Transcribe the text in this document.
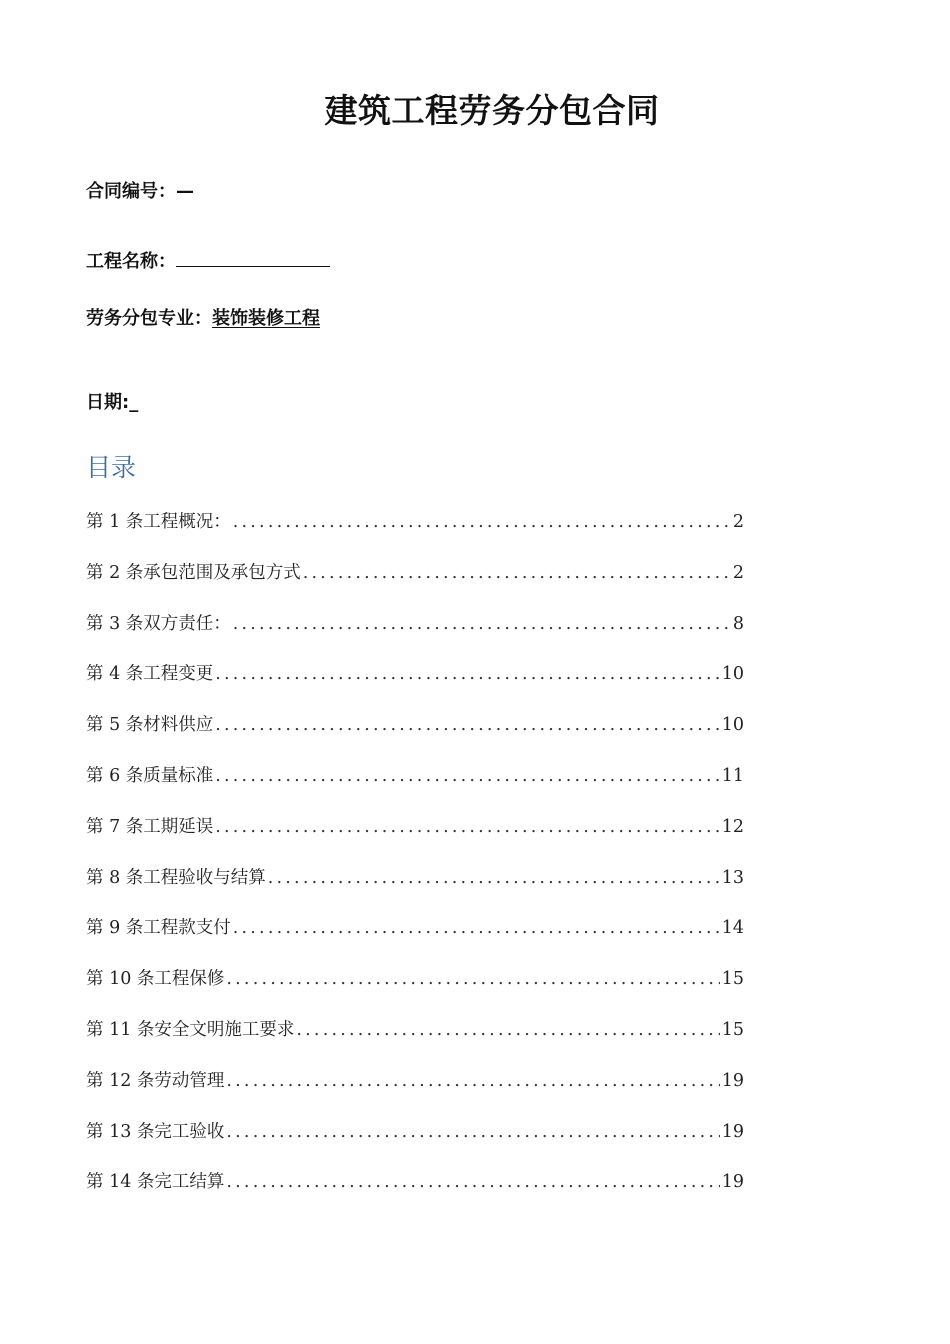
建筑工程劳务分包合同
合同编号：—
工程名称：
劳务分包专业：装饰装修工程
日期:_
目录
第 1 条工程概况： .....	2
第 2 条承包范围及承包方式 .....	2
第 3 条双方责任： .....	8
第 4 条工程变更 .....	10
第 5 条材料供应 .....	10
第 6 条质量标准 .....	11
第 7 条工期延误 .....	12
第 8 条工程验收与结算 .....	13
第 9 条工程款支付 .....	14
第 10 条工程保修 .....	15
第 11 条安全文明施工要求 .....	15
第 12 条劳动管理 .....	19
第 13 条完工验收 .....	19
第 14 条完工结算 .....	19
